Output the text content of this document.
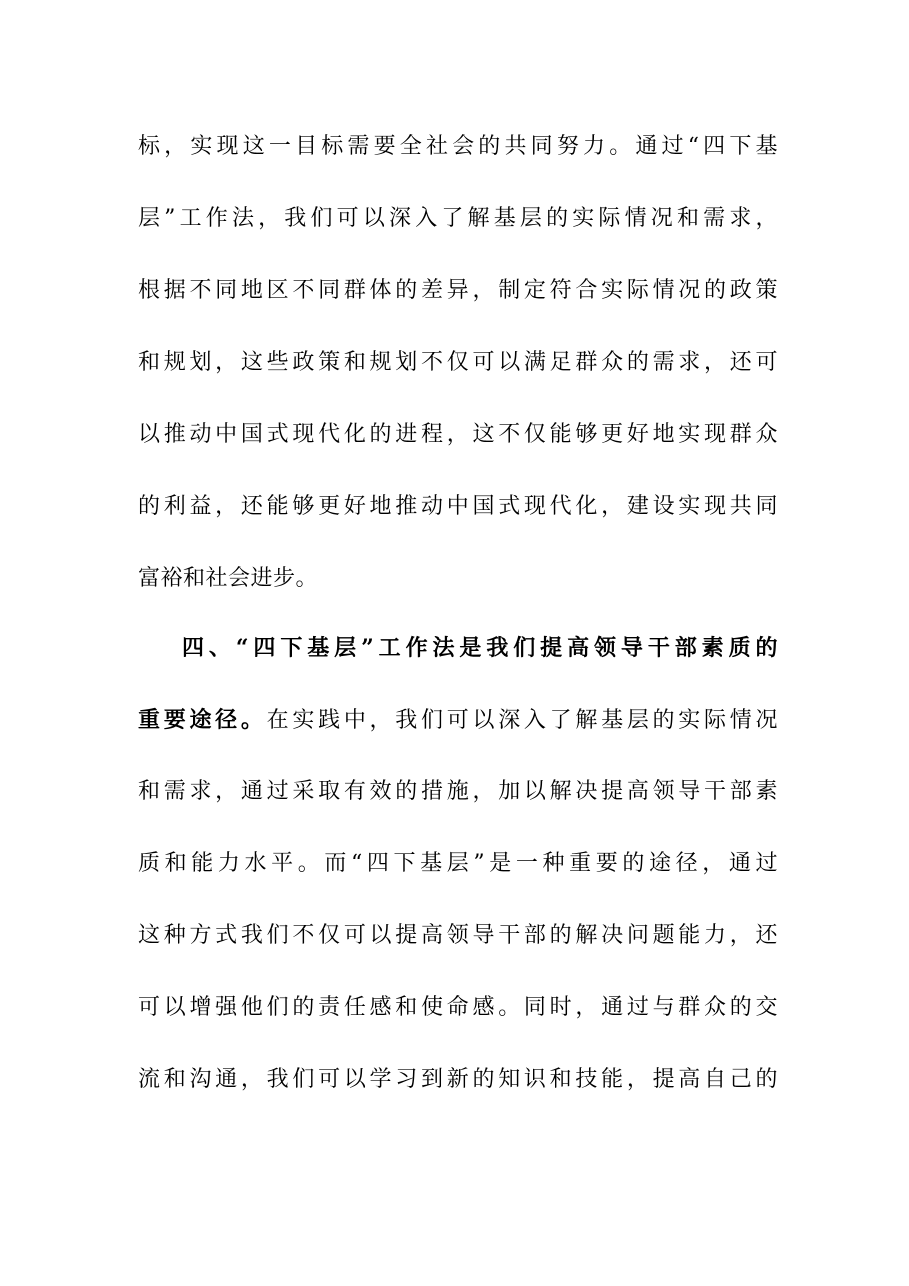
标，实现这一目标需要全社会的共同努力。通过“四下基
层”工作法，我们可以深入了解基层的实际情况和需求，
根据不同地区不同群体的差异，制定符合实际情况的政策
和规划，这些政策和规划不仅可以满足群众的需求，还可
以推动中国式现代化的进程，这不仅能够更好地实现群众
的利益，还能够更好地推动中国式现代化，建设实现共同
富裕和社会进步。
四、“四下基层”工作法是我们提高领导干部素质的
重要途径。在实践中，我们可以深入了解基层的实际情况
和需求，通过采取有效的措施，加以解决提高领导干部素
质和能力水平。而“四下基层”是一种重要的途径，通过
这种方式我们不仅可以提高领导干部的解决问题能力，还
可以增强他们的责任感和使命感。同时，通过与群众的交
流和沟通，我们可以学习到新的知识和技能，提高自己的
